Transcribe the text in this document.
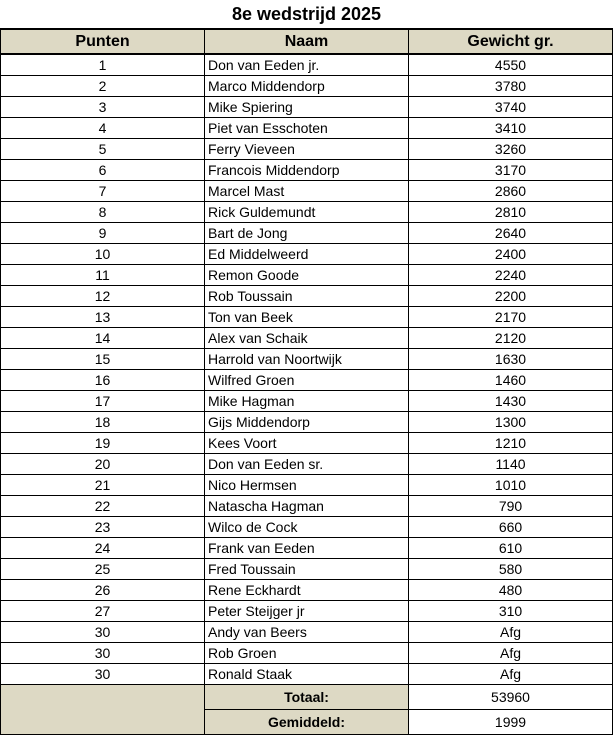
8e wedstrijd 2025
Punten	Naam	Gewicht gr.
1	Don van Eeden jr.	4550
2	Marco Middendorp	3780
3	Mike Spiering	3740
4	Piet van Esschoten	3410
5	Ferry Vieveen	3260
6	Francois Middendorp	3170
7	Marcel Mast	2860
8	Rick Guldemundt	2810
9	Bart de Jong	2640
10	Ed Middelweerd	2400
11	Remon Goode	2240
12	Rob Toussain	2200
13	Ton van Beek	2170
14	Alex van Schaik	2120
15	Harrold van Noortwijk	1630
16	Wilfred Groen	1460
17	Mike Hagman	1430
18	Gijs Middendorp	1300
19	Kees Voort	1210
20	Don van Eeden sr.	1140
21	Nico Hermsen	1010
22	Natascha Hagman	790
23	Wilco de Cock	660
24	Frank van Eeden	610
25	Fred Toussain	580
26	Rene Eckhardt	480
27	Peter Steijger jr	310
30	Andy van Beers	Afg
30	Rob Groen	Afg
30	Ronald Staak	Afg
	Totaal:	53960
	Gemiddeld:	1999
